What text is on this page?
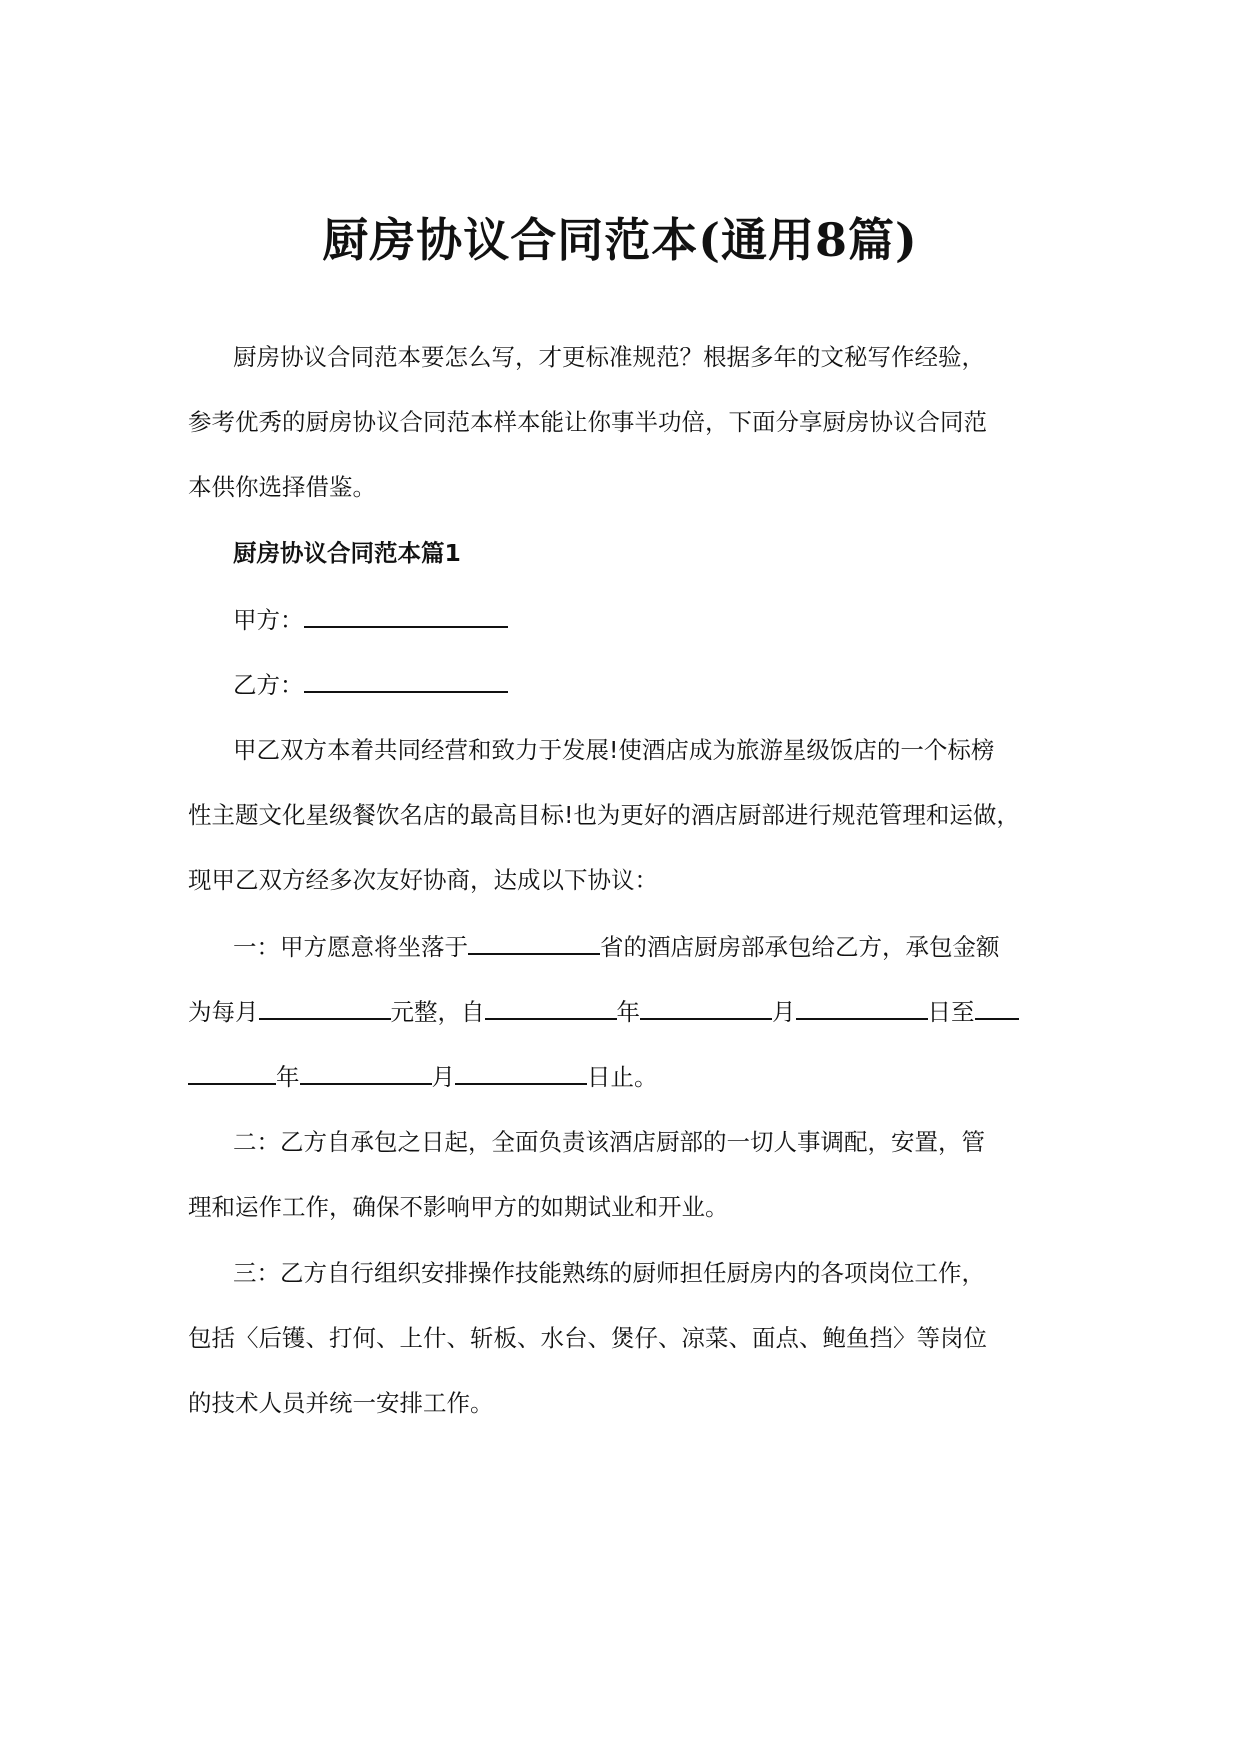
厨房协议合同范本(通用8篇)
厨房协议合同范本要怎么写，才更标准规范？根据多年的文秘写作经验，
参考优秀的厨房协议合同范本样本能让你事半功倍，下面分享厨房协议合同范
本供你选择借鉴。
厨房协议合同范本篇1
甲方：
乙方：
甲乙双方本着共同经营和致力于发展!使酒店成为旅游星级饭店的一个标榜
性主题文化星级餐饮名店的最高目标!也为更好的酒店厨部进行规范管理和运做，
现甲乙双方经多次友好协商，达成以下协议：
一：甲方愿意将坐落于	省的酒店厨房部承包给乙方，承包金额
为每月	元整，自	年	月	日至
年	月	日止。
二：乙方自承包之日起，全面负责该酒店厨部的一切人事调配，安置，管
理和运作工作，确保不影响甲方的如期试业和开业。
三：乙方自行组织安排操作技能熟练的厨师担任厨房内的各项岗位工作，
包括〈后镬、打何、上什、斩板、水台、煲仔、凉菜、面点、鲍鱼挡〉等岗位
的技术人员并统一安排工作。
